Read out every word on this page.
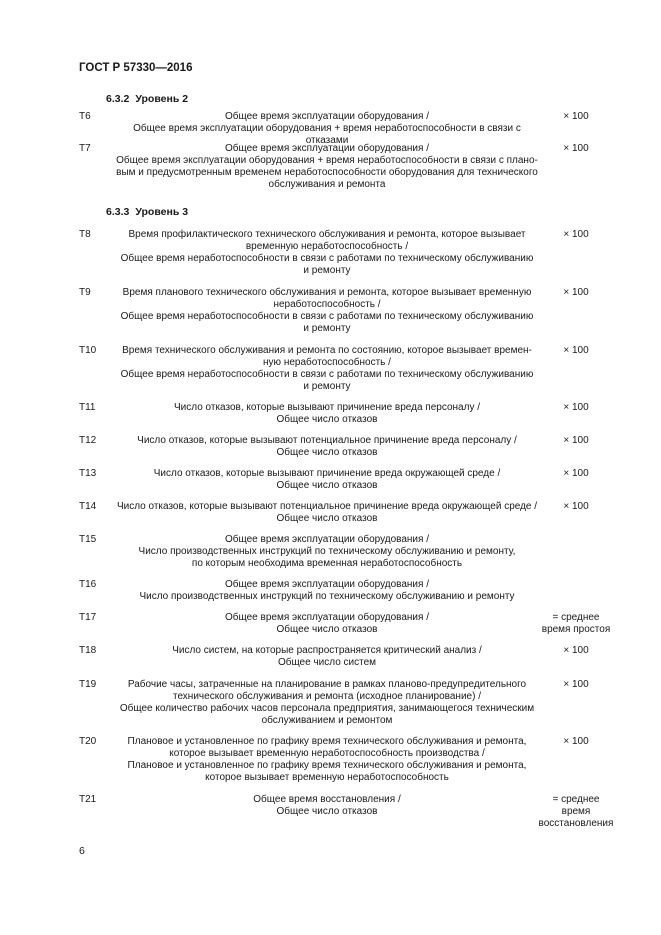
ГОСТ Р 57330—2016
6.3.2 Уровень 2
T6	Общее время эксплуатации оборудования /
Общее время эксплуатации оборудования + время неработоспособности в связи с отказами
× 100
T7	Общее время эксплуатации оборудования /
Общее время эксплуатации оборудования + время неработоспособности в связи с плано-
вым и предусмотренным временем неработоспособности оборудования для технического
обслуживания и ремонта
× 100
6.3.3 Уровень 3
T8	Время профилактического технического обслуживания и ремонта, которое вызывает
временную неработоспособность /
Общее время неработоспособности в связи с работами по техническому обслуживанию
и ремонту
× 100
T9	Время планового технического обслуживания и ремонта, которое вызывает временную
неработоспособность /
Общее время неработоспособности в связи с работами по техническому обслуживанию
и ремонту
× 100
T10	Время технического обслуживания и ремонта по состоянию, которое вызывает времен-
ную неработоспособность /
Общее время неработоспособности в связи с работами по техническому обслуживанию
и ремонту
× 100
T11	Число отказов, которые вызывают причинение вреда персоналу /
Общее число отказов
× 100
T12	Число отказов, которые вызывают потенциальное причинение вреда персоналу /
Общее число отказов
× 100
T13	Число отказов, которые вызывают причинение вреда окружающей среде /
Общее число отказов
× 100
T14	Число отказов, которые вызывают потенциальное причинение вреда окружающей среде /
Общее число отказов
× 100
T15	Общее время эксплуатации оборудования /
Число производственных инструкций по техническому обслуживанию и ремонту,
по которым необходима временная неработоспособность
T16	Общее время эксплуатации оборудования /
Число производственных инструкций по техническому обслуживанию и ремонту
T17	Общее время эксплуатации оборудования /
Общее число отказов
= среднее
время простоя
T18	Число систем, на которые распространяется критический анализ /
Общее число систем
× 100
T19	Рабочие часы, затраченные на планирование в рамках планово-предупредительного
технического обслуживания и ремонта (исходное планирование) /
Общее количество рабочих часов персонала предприятия, занимающегося техническим
обслуживанием и ремонтом
× 100
T20	Плановое и установленное по графику время технического обслуживания и ремонта,
которое вызывает временную неработоспособность производства /
Плановое и установленное по графику время технического обслуживания и ремонта,
которое вызывает временную неработоспособность
× 100
T21	Общее время восстановления /
Общее число отказов
= среднее
время
восстановления
6
